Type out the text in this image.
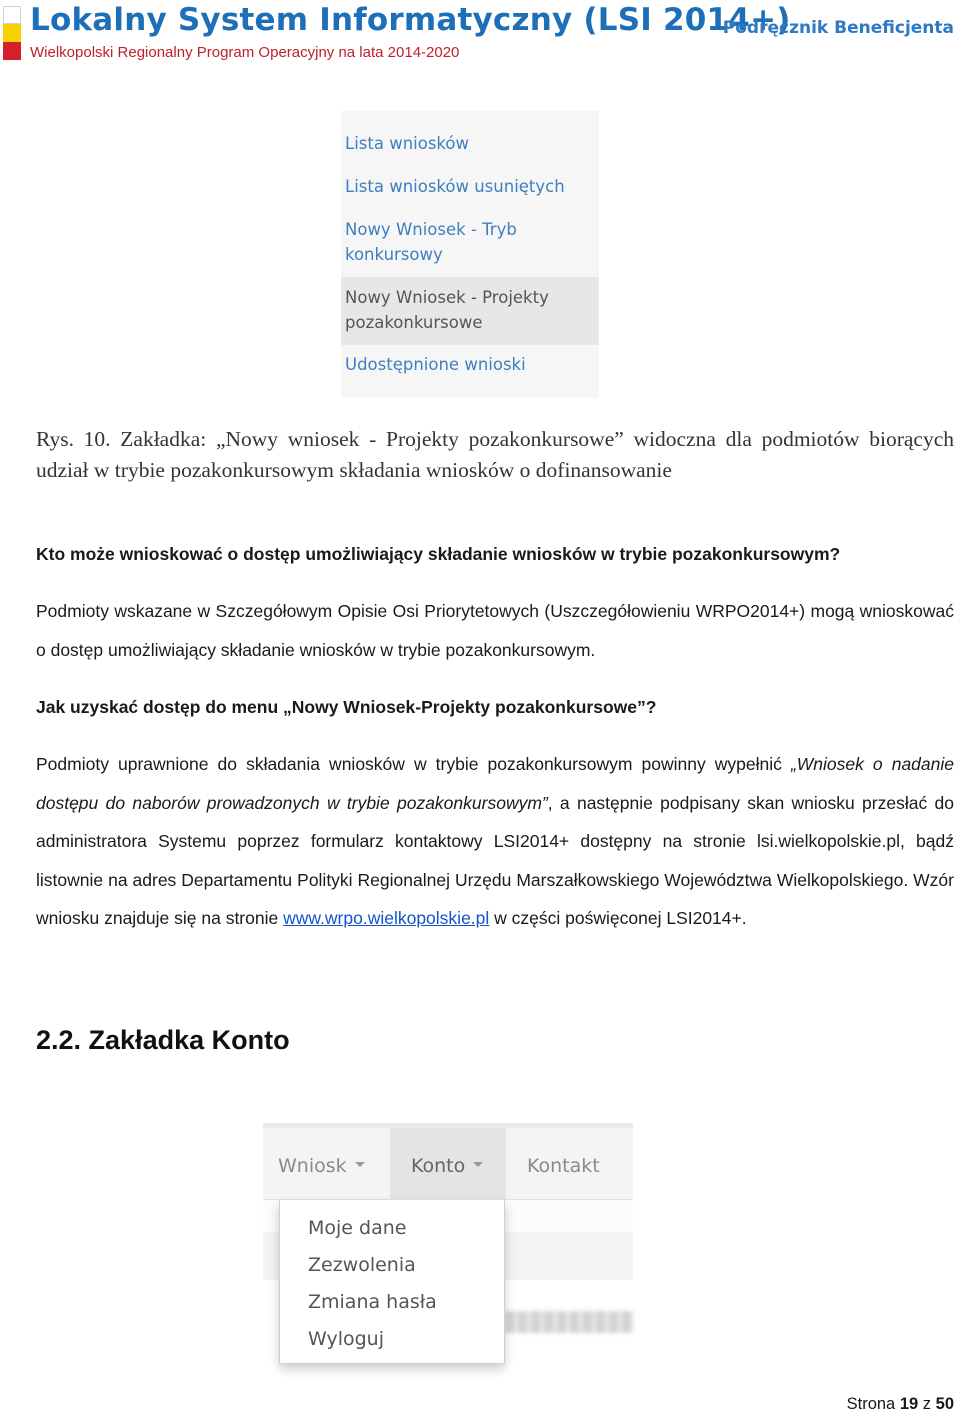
Lokalny System Informatyczny (LSI 2014+)
Wielkopolski Regionalny Program Operacyjny na lata 2014-2020
Podręcznik Beneficjenta
Lista wniosków
Lista wniosków usuniętych
Nowy Wniosek - Tryb
konkursowy
Nowy Wniosek - Projekty
pozakonkursowe
Udostępnione wnioski

Rys. 10. Zakładka: „Nowy wniosek - Projekty pozakonkursowe” widoczna dla podmiotów biorących udział w trybie pozakonkursowym składania wniosków o dofinansowanie

Kto może wnioskować o dostęp umożliwiający składanie wniosków w trybie pozakonkursowym?

Podmioty wskazane w Szczegółowym Opisie Osi Priorytetowych (Uszczegółowieniu WRPO2014+) mogą wnioskować o dostęp umożliwiający składanie wniosków w trybie pozakonkursowym.

Jak uzyskać dostęp do menu „Nowy Wniosek-Projekty pozakonkursowe”?

Podmioty uprawnione do składania wniosków w trybie pozakonkursowym powinny wypełnić „Wniosek o nadanie dostępu do naborów prowadzonych w trybie pozakonkursowym”, a następnie podpisany skan wniosku przesłać do administratora Systemu poprzez formularz kontaktowy LSI2014+ dostępny na stronie lsi.wielkopolskie.pl, bądź listownie na adres Departamentu Polityki Regionalnej Urzędu Marszałkowskiego Województwa Wielkopolskiego. Wzór wniosku znajduje się na stronie www.wrpo.wielkopolskie.pl w części poświęconej LSI2014+.

2.2. Zakładka Konto
Wniosk	Konto	Kontakt
Moje dane
Zezwolenia
Zmiana hasła
Wyloguj
Strona 19 z 50
